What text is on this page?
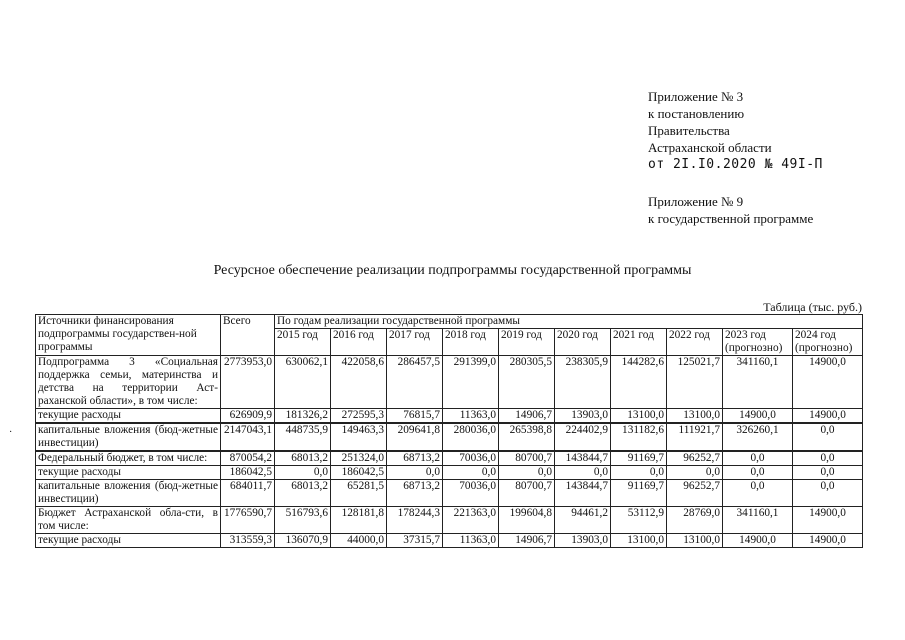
Приложение № 3
к постановлению
Правительства
Астраханской области
от 2I.I0.2020 № 49I-П
Приложение № 9
к государственной программе
Ресурсное обеспечение реализации подпрограммы государственной программы
Таблица (тыс. руб.)
·
Источники финансирования подпрограммы государствен-ной программы	Всего	По годам реализации государственной программы									
		2015 год	2016 год	2017 год	2018 год	2019 год	2020 год	2021 год	2022 год	2023 год (прогнозно)	2024 год (прогнозно)
Подпрограмма 3 «Социальная поддержка семьи, материнства и детства на территории Аст-раханской области», в том числе:	2773953,0	630062,1	422058,6	286457,5	291399,0	280305,5	238305,9	144282,6	125021,7	341160,1	14900,0
текущие расходы	626909,9	181326,2	272595,3	76815,7	11363,0	14906,7	13903,0	13100,0	13100,0	14900,0	14900,0
капитальные вложения (бюд-жетные инвестиции)	2147043,1	448735,9	149463,3	209641,8	280036,0	265398,8	224402,9	131182,6	111921,7	326260,1	0,0
Федеральный бюджет, в том числе:	870054,2	68013,2	251324,0	68713,2	70036,0	80700,7	143844,7	91169,7	96252,7	0,0	0,0
текущие расходы	186042,5	0,0	186042,5	0,0	0,0	0,0	0,0	0,0	0,0	0,0	0,0
капитальные вложения (бюд-жетные инвестиции)	684011,7	68013,2	65281,5	68713,2	70036,0	80700,7	143844,7	91169,7	96252,7	0,0	0,0
Бюджет Астраханской обла-сти, в том числе:	1776590,7	516793,6	128181,8	178244,3	221363,0	199604,8	94461,2	53112,9	28769,0	341160,1	14900,0
текущие расходы	313559,3	136070,9	44000,0	37315,7	11363,0	14906,7	13903,0	13100,0	13100,0	14900,0	14900,0
